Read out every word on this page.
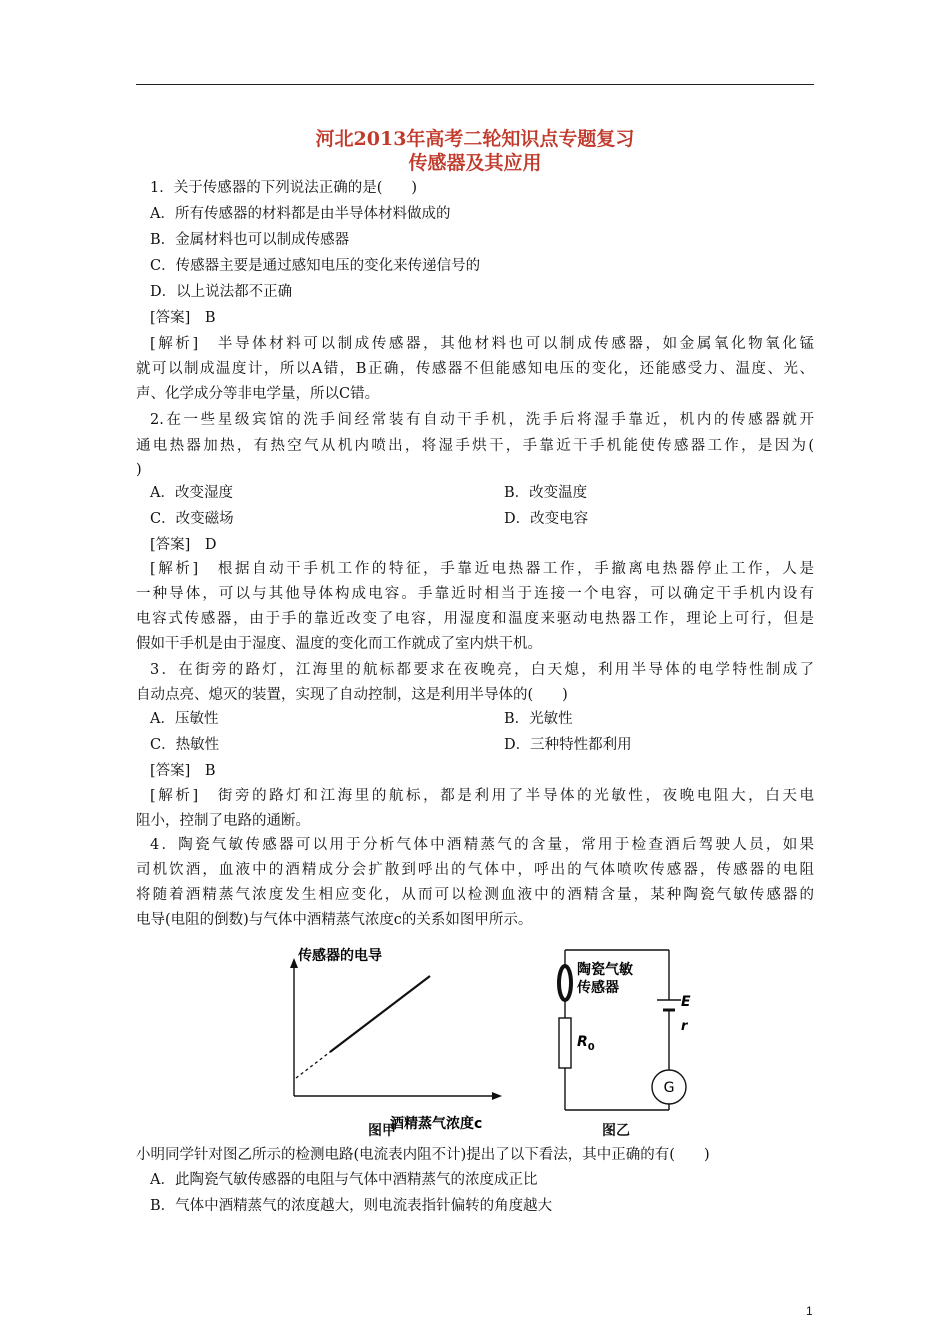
河北2013年高考二轮知识点专题复习
传感器及其应用
1．关于传感器的下列说法正确的是(　　)
A．所有传感器的材料都是由半导体材料做成的
B．金属材料也可以制成传感器
C．传感器主要是通过感知电压的变化来传递信号的
D．以上说法都不正确
[答案]　B
[解析]　半导体材料可以制成传感器，其他材料也可以制成传感器，如金属氧化物氧化锰
就可以制成温度计，所以A错，B正确，传感器不但能感知电压的变化，还能感受力、温度、光、
声、化学成分等非电学量，所以C错。
2.在一些星级宾馆的洗手间经常装有自动干手机，洗手后将湿手靠近，机内的传感器就开
通电热器加热，有热空气从机内喷出，将湿手烘干，手靠近干手机能使传感器工作，是因为(
)
A．改变湿度	B．改变温度
C．改变磁场	D．改变电容
[答案]　D
[解析]　根据自动干手机工作的特征，手靠近电热器工作，手撤离电热器停止工作，人是
一种导体，可以与其他导体构成电容。手靠近时相当于连接一个电容，可以确定干手机内设有
电容式传感器，由于手的靠近改变了电容，用湿度和温度来驱动电热器工作，理论上可行，但是
假如干手机是由于湿度、温度的变化而工作就成了室内烘干机。
3．在街旁的路灯，江海里的航标都要求在夜晚亮，白天熄，利用半导体的电学特性制成了
自动点亮、熄灭的装置，实现了自动控制，这是利用半导体的(　　)
A．压敏性	B．光敏性
C．热敏性	D．三种特性都利用
[答案]　B
[解析]　街旁的路灯和江海里的航标，都是利用了半导体的光敏性，夜晚电阻大，白天电
阻小，控制了电路的通断。
4．陶瓷气敏传感器可以用于分析气体中酒精蒸气的含量，常用于检查酒后驾驶人员，如果
司机饮酒，血液中的酒精成分会扩散到呼出的气体中，呼出的气体喷吹传感器，传感器的电阻
将随着酒精蒸气浓度发生相应变化，从而可以检测血液中的酒精含量，某种陶瓷气敏传感器的
电导(电阻的倒数)与气体中酒精蒸气浓度c的关系如图甲所示。
传感器的电导
酒精蒸气浓度c
图甲
陶瓷气敏
传感器
E
r
$R_0$
G
图乙
小明同学针对图乙所示的检测电路(电流表内阻不计)提出了以下看法，其中正确的有(　　)
A．此陶瓷气敏传感器的电阻与气体中酒精蒸气的浓度成正比
B．气体中酒精蒸气的浓度越大，则电流表指针偏转的角度越大
1
